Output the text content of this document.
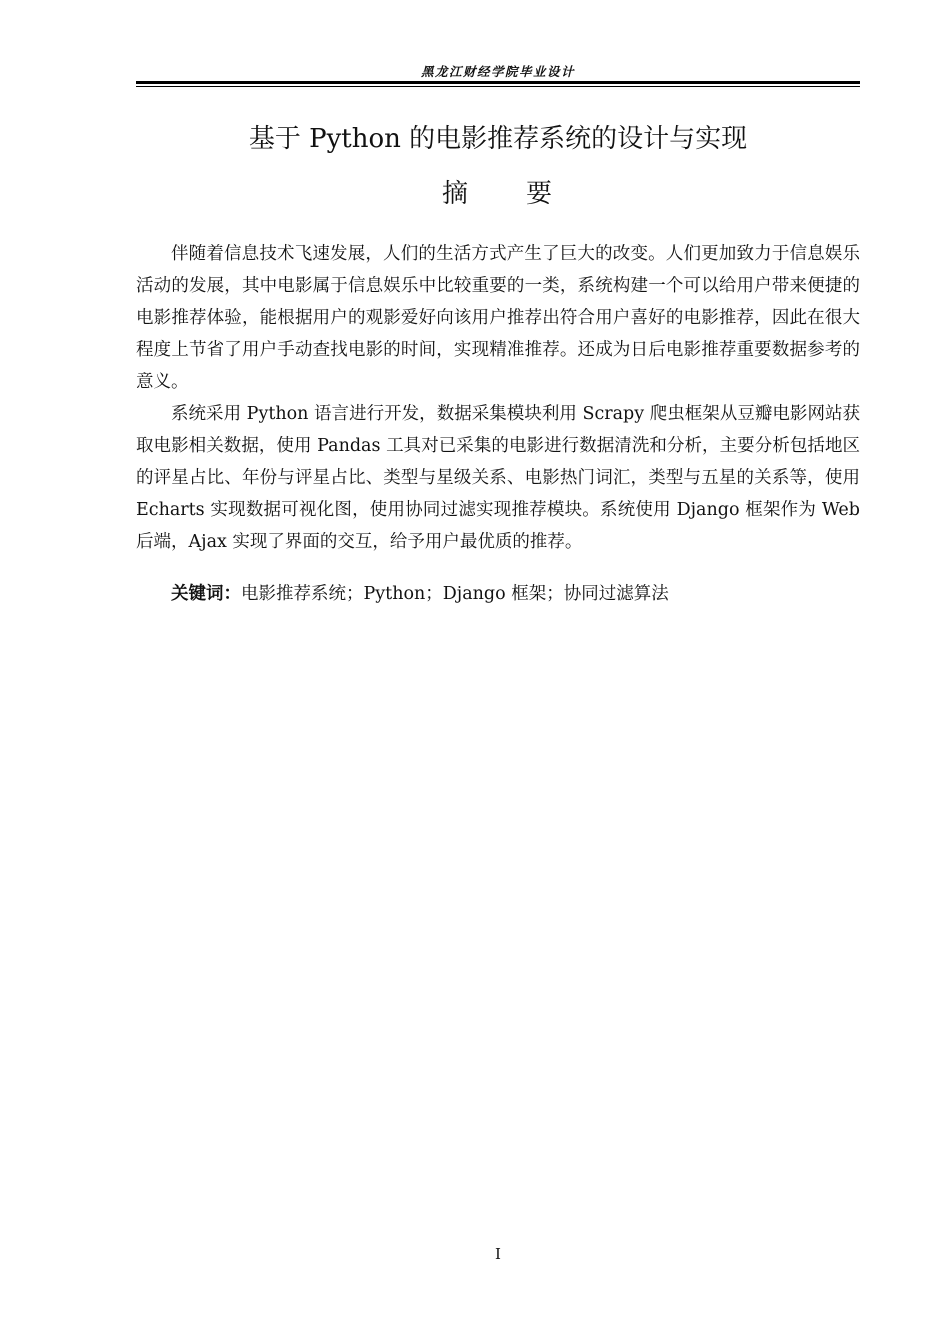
黑龙江财经学院毕业设计
基于 Python 的电影推荐系统的设计与实现
摘 要

伴随着信息技术飞速发展，人们的生活方式产生了巨大的改变。人们更加致力于信息娱乐活动的发展，其中电影属于信息娱乐中比较重要的一类，系统构建一个可以给用户带来便捷的电影推荐体验，能根据用户的观影爱好向该用户推荐出符合用户喜好的电影推荐，因此在很大程度上节省了用户手动查找电影的时间，实现精准推荐。还成为日后电影推荐重要数据参考的意义。

系统采用 Python 语言进行开发，数据采集模块利用 Scrapy 爬虫框架从豆瓣电影网站获取电影相关数据，使用 Pandas 工具对已采集的电影进行数据清洗和分析，主要分析包括地区的评星占比、年份与评星占比、类型与星级关系、电影热门词汇，类型与五星的关系等，使用 Echarts 实现数据可视化图，使用协同过滤实现推荐模块。系统使用 Django 框架作为 Web 后端，Ajax 实现了界面的交互，给予用户最优质的推荐。

关键词：电影推荐系统；Python；Django 框架；协同过滤算法
I
